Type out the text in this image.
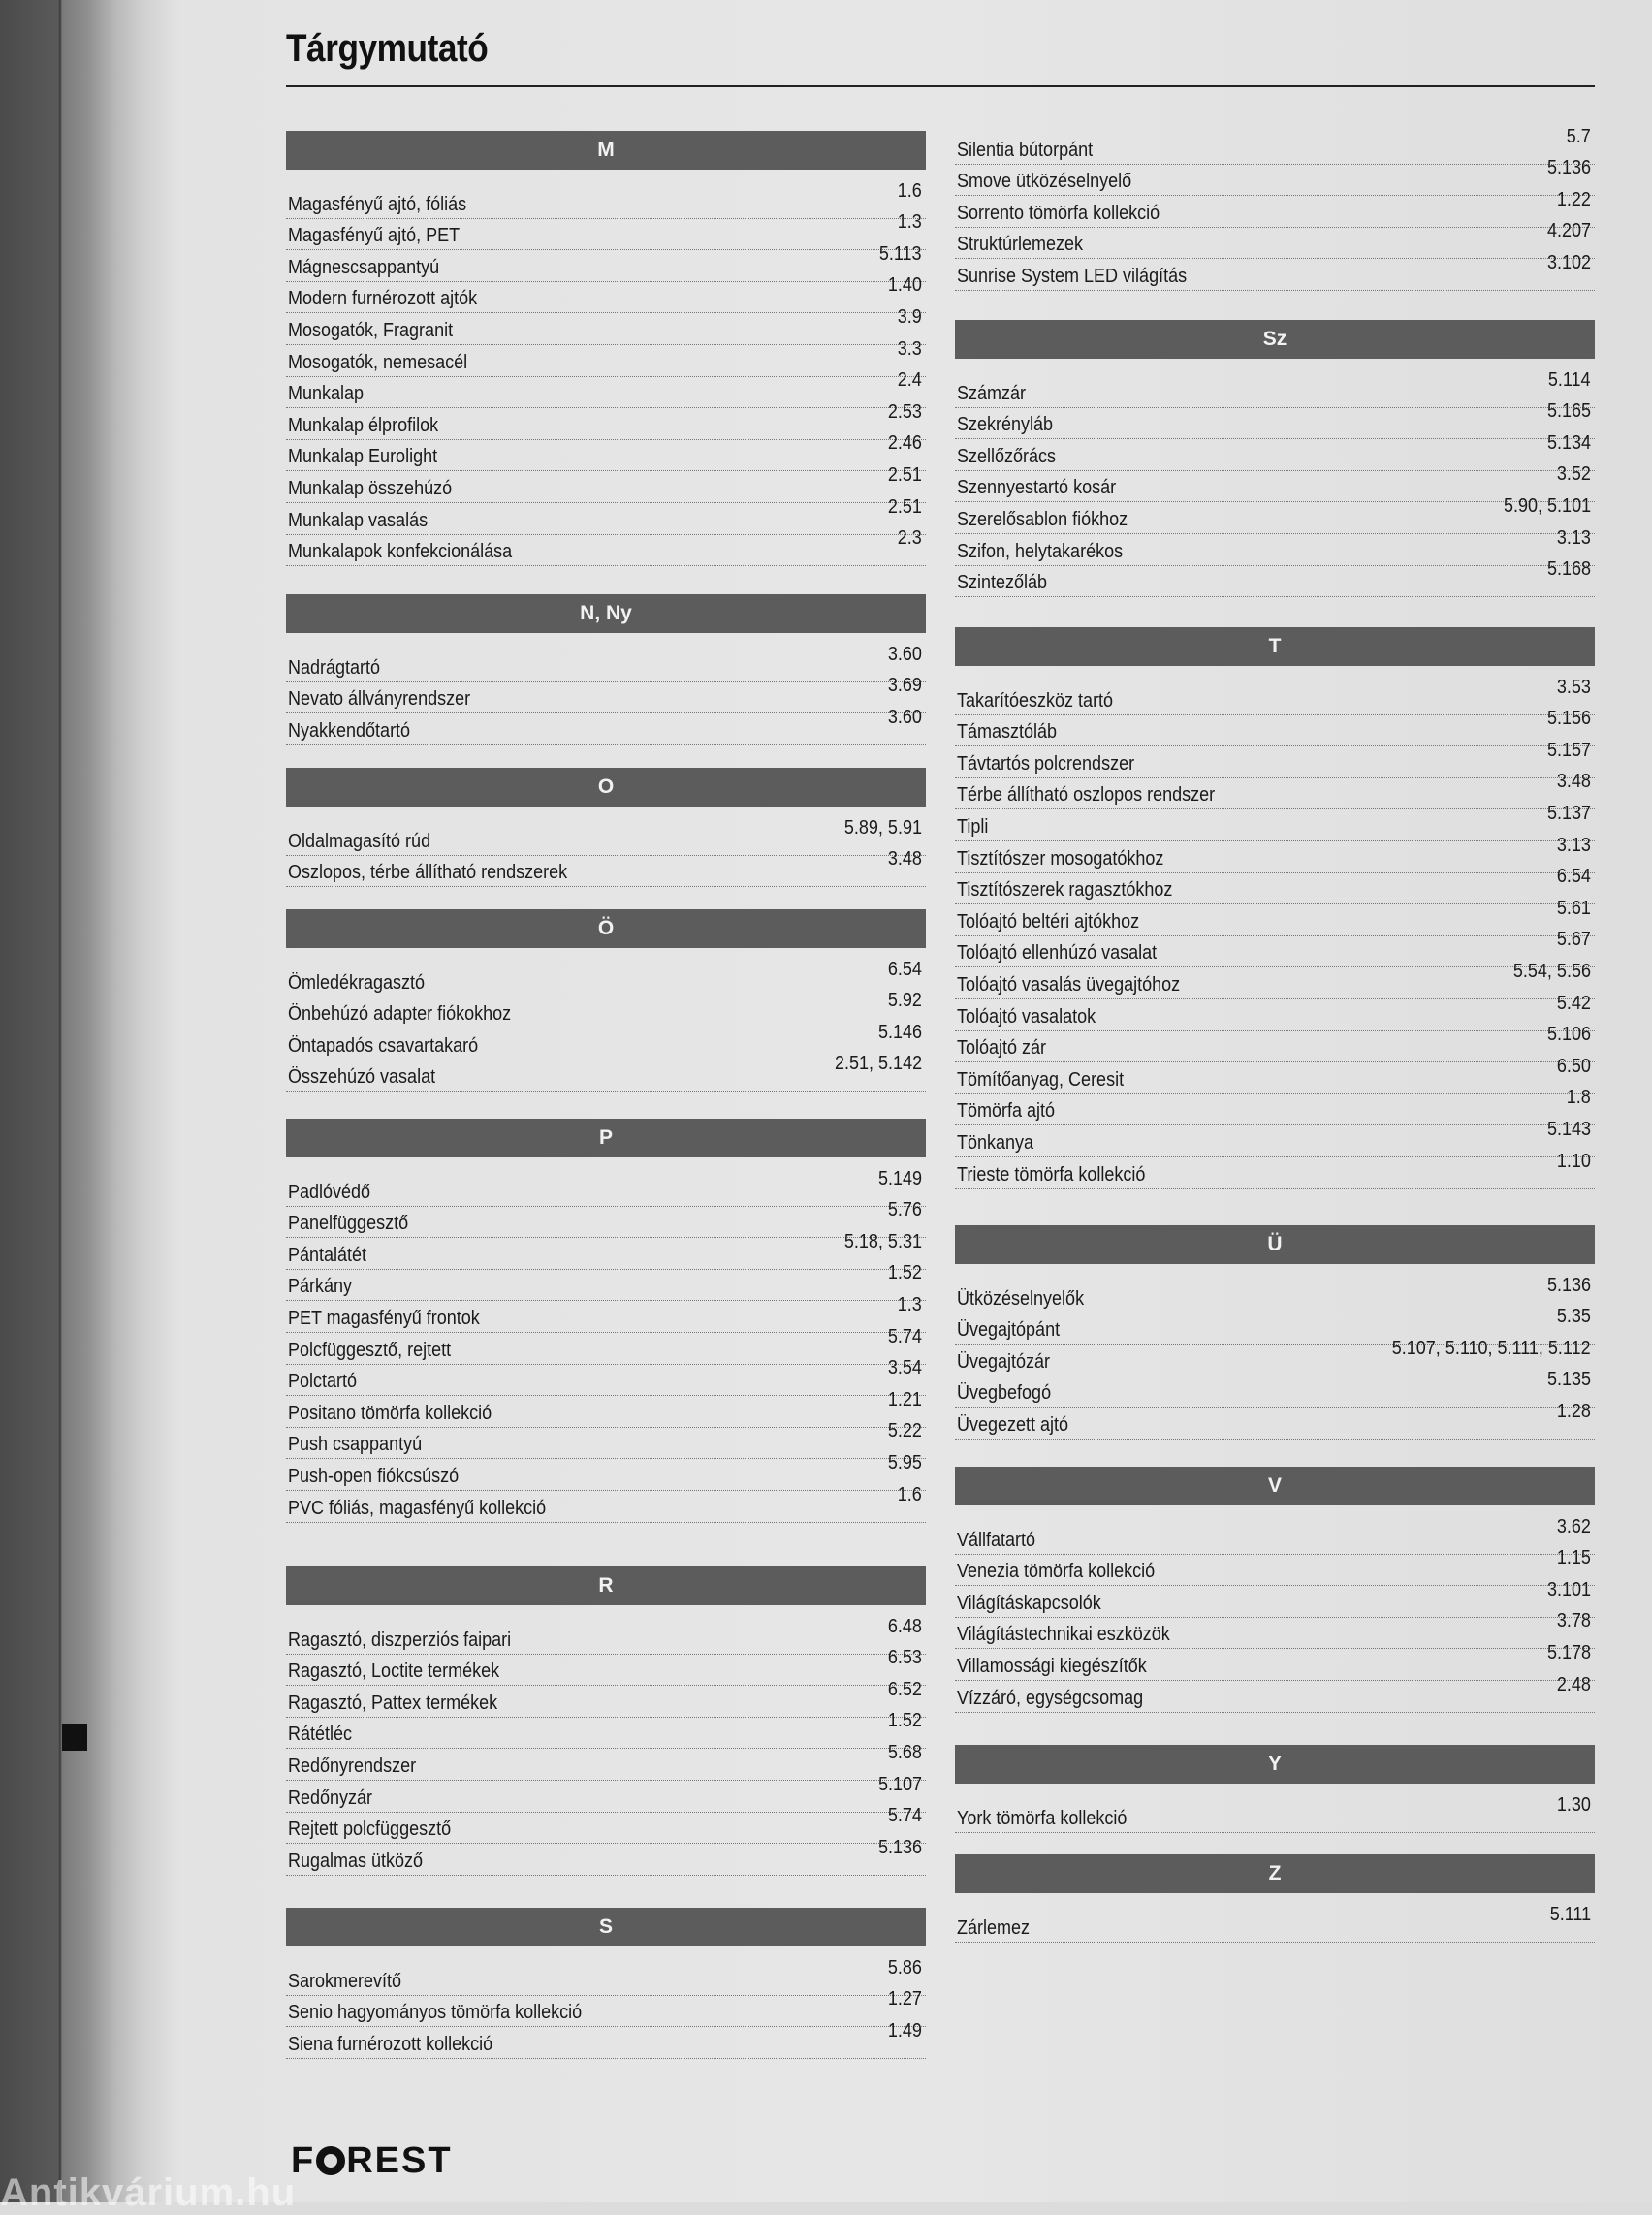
Tárgymutató
M
Magasfényű ajtó, fóliás
1.6
Magasfényű ajtó, PET
1.3
Mágnescsappantyú
5.113
Modern furnérozott ajtók
1.40
Mosogatók, Fragranit
3.9
Mosogatók, nemesacél
3.3
Munkalap
2.4
Munkalap élprofilok
2.53
Munkalap Eurolight
2.46
Munkalap összehúzó
2.51
Munkalap vasalás
2.51
Munkalapok konfekcionálása
2.3
N, Ny
Nadrágtartó
3.60
Nevato állványrendszer
3.69
Nyakkendőtartó
3.60
O
Oldalmagasító rúd
5.89, 5.91
Oszlopos, térbe állítható rendszerek
3.48
Ö
Ömledékragasztó
6.54
Önbehúzó adapter fiókokhoz
5.92
Öntapadós csavartakaró
5.146
Összehúzó vasalat
2.51, 5.142
P
Padlóvédő
5.149
Panelfüggesztő
5.76
Pántalátét
5.18, 5.31
Párkány
1.52
PET magasfényű frontok
1.3
Polcfüggesztő, rejtett
5.74
Polctartó
3.54
Positano tömörfa kollekció
1.21
Push csappantyú
5.22
Push-open fiókcsúszó
5.95
PVC fóliás, magasfényű kollekció
1.6
R
Ragasztó, diszperziós faipari
6.48
Ragasztó, Loctite termékek
6.53
Ragasztó, Pattex termékek
6.52
Rátétléc
1.52
Redőnyrendszer
5.68
Redőnyzár
5.107
Rejtett polcfüggesztő
5.74
Rugalmas ütköző
5.136
S
Sarokmerevítő
5.86
Senio hagyományos tömörfa kollekció
1.27
Siena furnérozott kollekció
1.49
Silentia bútorpánt
5.7
Smove ütközéselnyelő
5.136
Sorrento tömörfa kollekció
1.22
Struktúrlemezek
4.207
Sunrise System LED világítás
3.102
Sz
Számzár
5.114
Szekrényláb
5.165
Szellőzőrács
5.134
Szennyestartó kosár
3.52
Szerelősablon fiókhoz
5.90, 5.101
Szifon, helytakarékos
3.13
Szintezőláb
5.168
T
Takarítóeszköz tartó
3.53
Támasztóláb
5.156
Távtartós polcrendszer
5.157
Térbe állítható oszlopos rendszer
3.48
Tipli
5.137
Tisztítószer mosogatókhoz
3.13
Tisztítószerek ragasztókhoz
6.54
Tolóajtó beltéri ajtókhoz
5.61
Tolóajtó ellenhúzó vasalat
5.67
Tolóajtó vasalás üvegajtóhoz
5.54, 5.56
Tolóajtó vasalatok
5.42
Tolóajtó zár
5.106
Tömítőanyag, Ceresit
6.50
Tömörfa ajtó
1.8
Tönkanya
5.143
Trieste tömörfa kollekció
1.10
Ü
Ütközéselnyelők
5.136
Üvegajtópánt
5.35
Üvegajtózár
5.107, 5.110, 5.111, 5.112
Üvegbefogó
5.135
Üvegezett ajtó
1.28
V
Vállfatartó
3.62
Venezia tömörfa kollekció
1.15
Világításkapcsolók
3.101
Világítástechnikai eszközök
3.78
Villamossági kiegészítők
5.178
Vízzáró, egységcsomag
2.48
Y
York tömörfa kollekció
1.30
Z
Zárlemez
5.111
F REST
Antikvárium.hu
